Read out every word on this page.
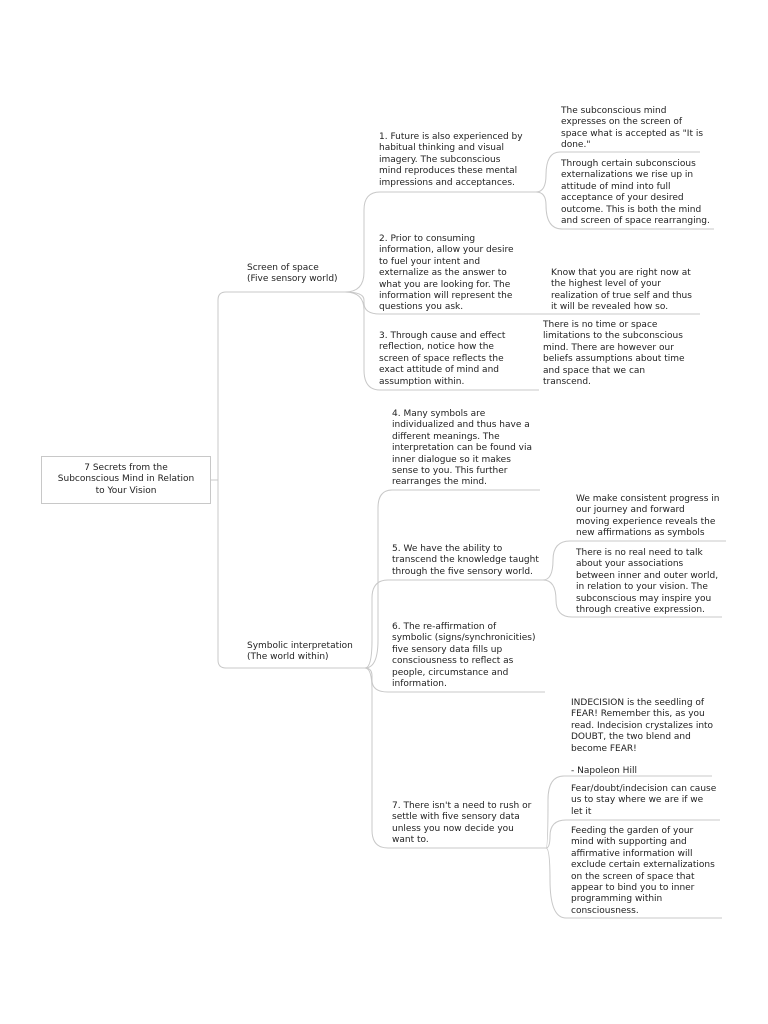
7 Secrets from the
Subconscious Mind in Relation
to Your Vision

Screen of space
(Five sensory world)

Symbolic interpretation
(The world within)

1. Future is also experienced by
habitual thinking and visual
imagery. The subconscious
mind reproduces these mental
impressions and acceptances.

2. Prior to consuming
information, allow your desire
to fuel your intent and
externalize as the answer to
what you are looking for. The
information will represent the
questions you ask.

3. Through cause and effect
reflection, notice how the
screen of space reflects the
exact attitude of mind and
assumption within.

The subconscious mind
expresses on the screen of
space what is accepted as "It is
done."

Through certain subconscious
externalizations we rise up in
attitude of mind into full
acceptance of your desired
outcome. This is both the mind
and screen of space rearranging.

Know that you are right now at
the highest level of your
realization of true self and thus
it will be revealed how so.

There is no time or space
limitations to the subconscious
mind. There are however our
beliefs assumptions about time
and space that we can
transcend.

4. Many symbols are
individualized and thus have a
different meanings. The
interpretation can be found via
inner dialogue so it makes
sense to you. This further
rearranges the mind.

5. We have the ability to
transcend the knowledge taught
through the five sensory world.

6. The re-affirmation of
symbolic (signs/synchronicities)
five sensory data fills up
consciousness to reflect as
people, circumstance and
information.

7. There isn't a need to rush or
settle with five sensory data
unless you now decide you
want to.

We make consistent progress in
our journey and forward
moving experience reveals the
new affirmations as symbols

There is no real need to talk
about your associations
between inner and outer world,
in relation to your vision. The
subconscious may inspire you
through creative expression.

INDECISION is the seedling of
FEAR! Remember this, as you
read. Indecision crystalizes into
DOUBT, the two blend and
become FEAR!

- Napoleon Hill

Fear/doubt/indecision can cause
us to stay where we are if we
let it

Feeding the garden of your
mind with supporting and
affirmative information will
exclude certain externalizations
on the screen of space that
appear to bind you to inner
programming within
consciousness.
